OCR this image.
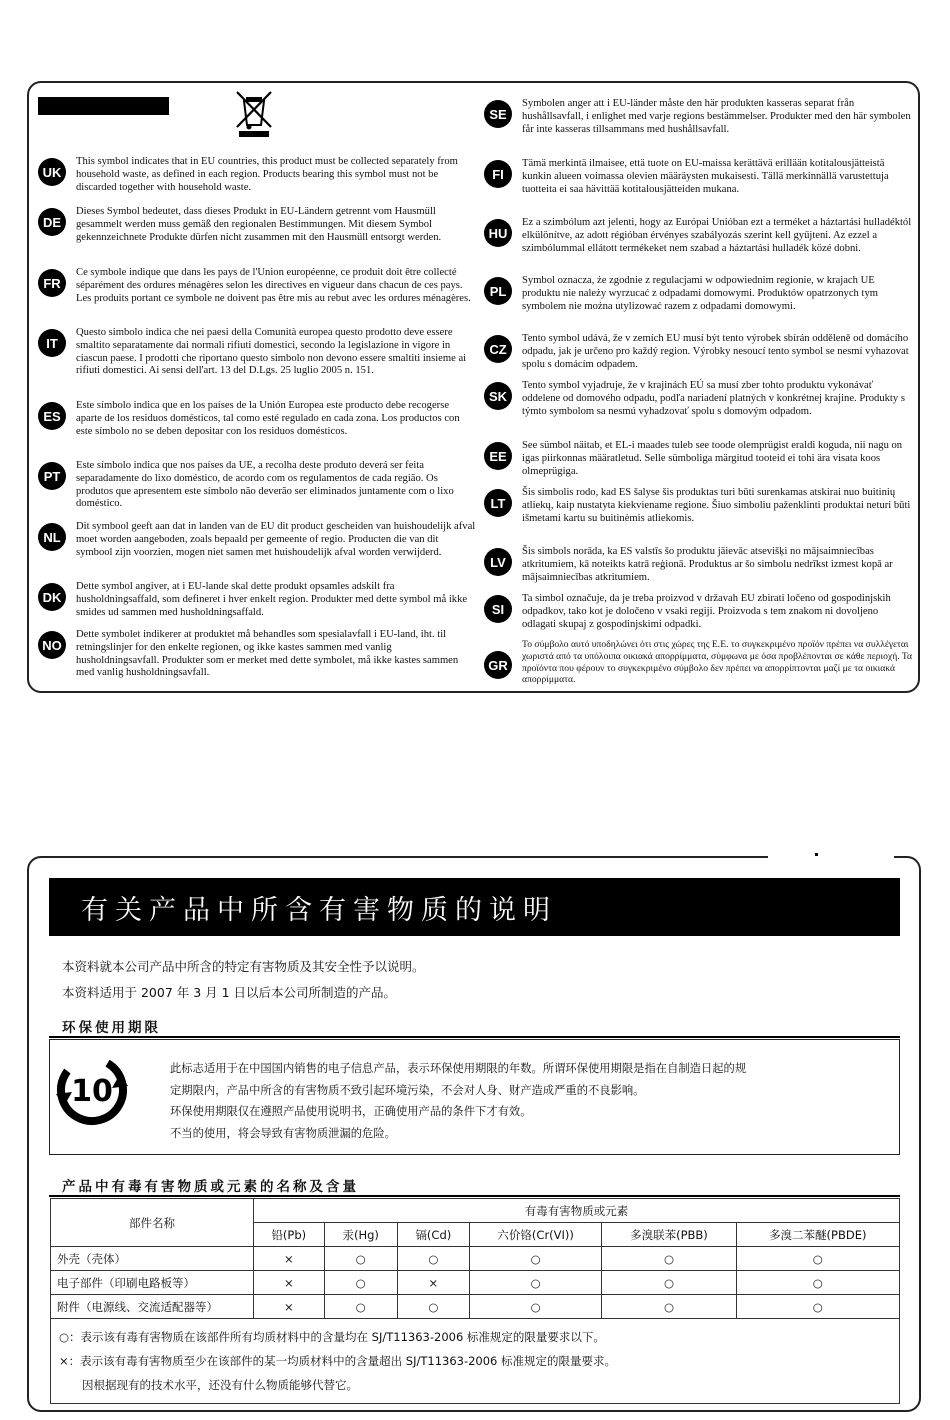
UK
This symbol indicates that in EU countries, this product must be collected separately from household waste, as defined in each region. Products bearing this symbol must not be discarded together with household waste.
DE
Dieses Symbol bedeutet, dass dieses Produkt in EU-Ländern getrennt vom Hausmüll gesammelt werden muss gemäß den regionalen Bestimmungen. Mit diesem Symbol gekennzeichnete Produkte dürfen nicht zusammen mit den Hausmüll entsorgt werden.
FR
Ce symbole indique que dans les pays de l'Union européenne, ce produit doit être collecté séparément des ordures ménagères selon les directives en vigueur dans chacun de ces pays. Les produits portant ce symbole ne doivent pas être mis au rebut avec les ordures ménagères.
IT
Questo simbolo indica che nei paesi della Comunità europea questo prodotto deve essere smaltito separatamente dai normali rifiuti domestici, secondo la legislazione in vigore in ciascun paese. I prodotti che riportano questo simbolo non devono essere smaltiti insieme ai rifiuti domestici. Ai sensi dell'art. 13 del D.Lgs. 25 luglio 2005 n. 151.
ES
Este símbolo indica que en los países de la Unión Europea este producto debe recogerse aparte de los residuos domésticos, tal como esté regulado en cada zona. Los productos con este símbolo no se deben depositar con los residuos domésticos.
PT
Este símbolo indica que nos países da UE, a recolha deste produto deverá ser feita separadamente do lixo doméstico, de acordo com os regulamentos de cada região. Os produtos que apresentem este símbolo não deverão ser eliminados juntamente com o lixo doméstico.
NL
Dit symbool geeft aan dat in landen van de EU dit product gescheiden van huishoudelijk afval moet worden aangeboden, zoals bepaald per gemeente of regio. Producten die van dit symbool zijn voorzien, mogen niet samen met huishoudelijk afval worden verwijderd.
DK
Dette symbol angiver, at i EU-lande skal dette produkt opsamles adskilt fra husholdningsaffald, som defineret i hver enkelt region. Produkter med dette symbol må ikke smides ud sammen med husholdningsaffald.
NO
Dette symbolet indikerer at produktet må behandles som spesialavfall i EU-land, iht. til retningslinjer for den enkelte regionen, og ikke kastes sammen med vanlig husholdningsavfall. Produkter som er merket med dette symbolet, må ikke kastes sammen med vanlig husholdningsavfall.
SE
Symbolen anger att i EU-länder måste den här produkten kasseras separat från hushållsavfall, i enlighet med varje regions bestämmelser. Produkter med den här symbolen får inte kasseras tillsammans med hushållsavfall.
FI
Tämä merkintä ilmaisee, että tuote on EU-maissa kerättävä erillään kotitalousjätteistä kunkin alueen voimassa olevien määräysten mukaisesti. Tällä merkinnällä varustettuja tuotteita ei saa hävittää kotitalousjätteiden mukana.
HU
Ez a szimbólum azt jelenti, hogy az Európai Unióban ezt a terméket a háztartási hulladéktól elkülönítve, az adott régióban érvényes szabályozás szerint kell gyűjteni. Az ezzel a szimbólummal ellátott termékeket nem szabad a háztartási hulladék közé dobni.
PL
Symbol oznacza, że zgodnie z regulacjami w odpowiednim regionie, w krajach UE produktu nie należy wyrzucać z odpadami domowymi. Produktów opatrzonych tym symbolem nie można utylizować razem z odpadami domowymi.
CZ
Tento symbol udává, že v zemích EU musí být tento výrobek sbírán odděleně od domácího odpadu, jak je určeno pro každý region. Výrobky nesoucí tento symbol se nesmí vyhazovat spolu s domácím odpadem.
SK
Tento symbol vyjadruje, že v krajinách EÚ sa musí zber tohto produktu vykonávať oddelene od domového odpadu, podľa nariadení platných v konkrétnej krajine. Produkty s týmto symbolom sa nesmú vyhadzovať spolu s domovým odpadom.
EE
See sümbol näitab, et EL-i maades tuleb see toode olemprügist eraldi koguda, nii nagu on igas piirkonnas määratletud. Selle sümboliga märgitud tooteid ei tohi ära visata koos olmeprügiga.
LT
Šis simbolis rodo, kad ES šalyse šis produktas turi būti surenkamas atskirai nuo buitinių atliekų, kaip nustatyta kiekviename regione. Šiuo simboliu paženklinti produktai neturi būti išmetami kartu su buitinėmis atliekomis.
LV
Šis simbols norāda, ka ES valstīs šo produktu jāievāc atsevišķi no mājsaimniecības atkritumiem, kā noteikts katrā reģionā. Produktus ar šo simbolu nedrīkst izmest kopā ar mājsaimniecības atkritumiem.
SI
Ta simbol označuje, da je treba proizvod v državah EU zbirati ločeno od gospodinjskih odpadkov, tako kot je določeno v vsaki regiji. Proizvoda s tem znakom ni dovoljeno odlagati skupaj z gospodinjskimi odpadki.
GR
Το σύμβολο αυτό υποδηλώνει ότι στις χώρες της Ε.Ε. το συγκεκριμένο προϊόν πρέπει να συλλέγεται χωριστά από τα υπόλοιπα οικιακά απορρίμματα, σύμφωνα με όσα προβλέπονται σε κάθε περιοχή. Τα προϊόντα που φέρουν το συγκεκριμένο σύμβολο δεν πρέπει να απορρίπτονται μαζί με τα οικιακά απορρίμματα.
有关产品中所含有害物质的说明
本资料就本公司产品中所含的特定有害物质及其安全性予以说明。
本资料适用于 2007 年 3 月 1 日以后本公司所制造的产品。
环保使用期限
10
此标志适用于在中国国内销售的电子信息产品，表示环保使用期限的年数。所谓环保使用期限是指在自制造日起的规
定期限内，产品中所含的有害物质不致引起环境污染，不会对人身、财产造成严重的不良影响。
环保使用期限仅在遵照产品使用说明书，正确使用产品的条件下才有效。
不当的使用，将会导致有害物质泄漏的危险。
产品中有毒有害物质或元素的名称及含量
部件名称	有毒有害物质或元素					
	铅(Pb)	汞(Hg)	镉(Cd)	六价铬(Cr(VI))	多溴联苯(PBB)	多溴二苯醚(PBDE)
外壳（壳体）	×	○	○	○	○	○
电子部件（印刷电路板等）	×	○	×	○	○	○
附件（电源线、交流适配器等）	×	○	○	○	○	○

○：表示该有毒有害物质在该部件所有均质材料中的含量均在 SJ/T11363-2006 标准规定的限量要求以下。
×：表示该有毒有害物质至少在该部件的某一均质材料中的含量超出 SJ/T11363-2006 标准规定的限量要求。
　　因根据现有的技术水平，还没有什么物质能够代替它。						
